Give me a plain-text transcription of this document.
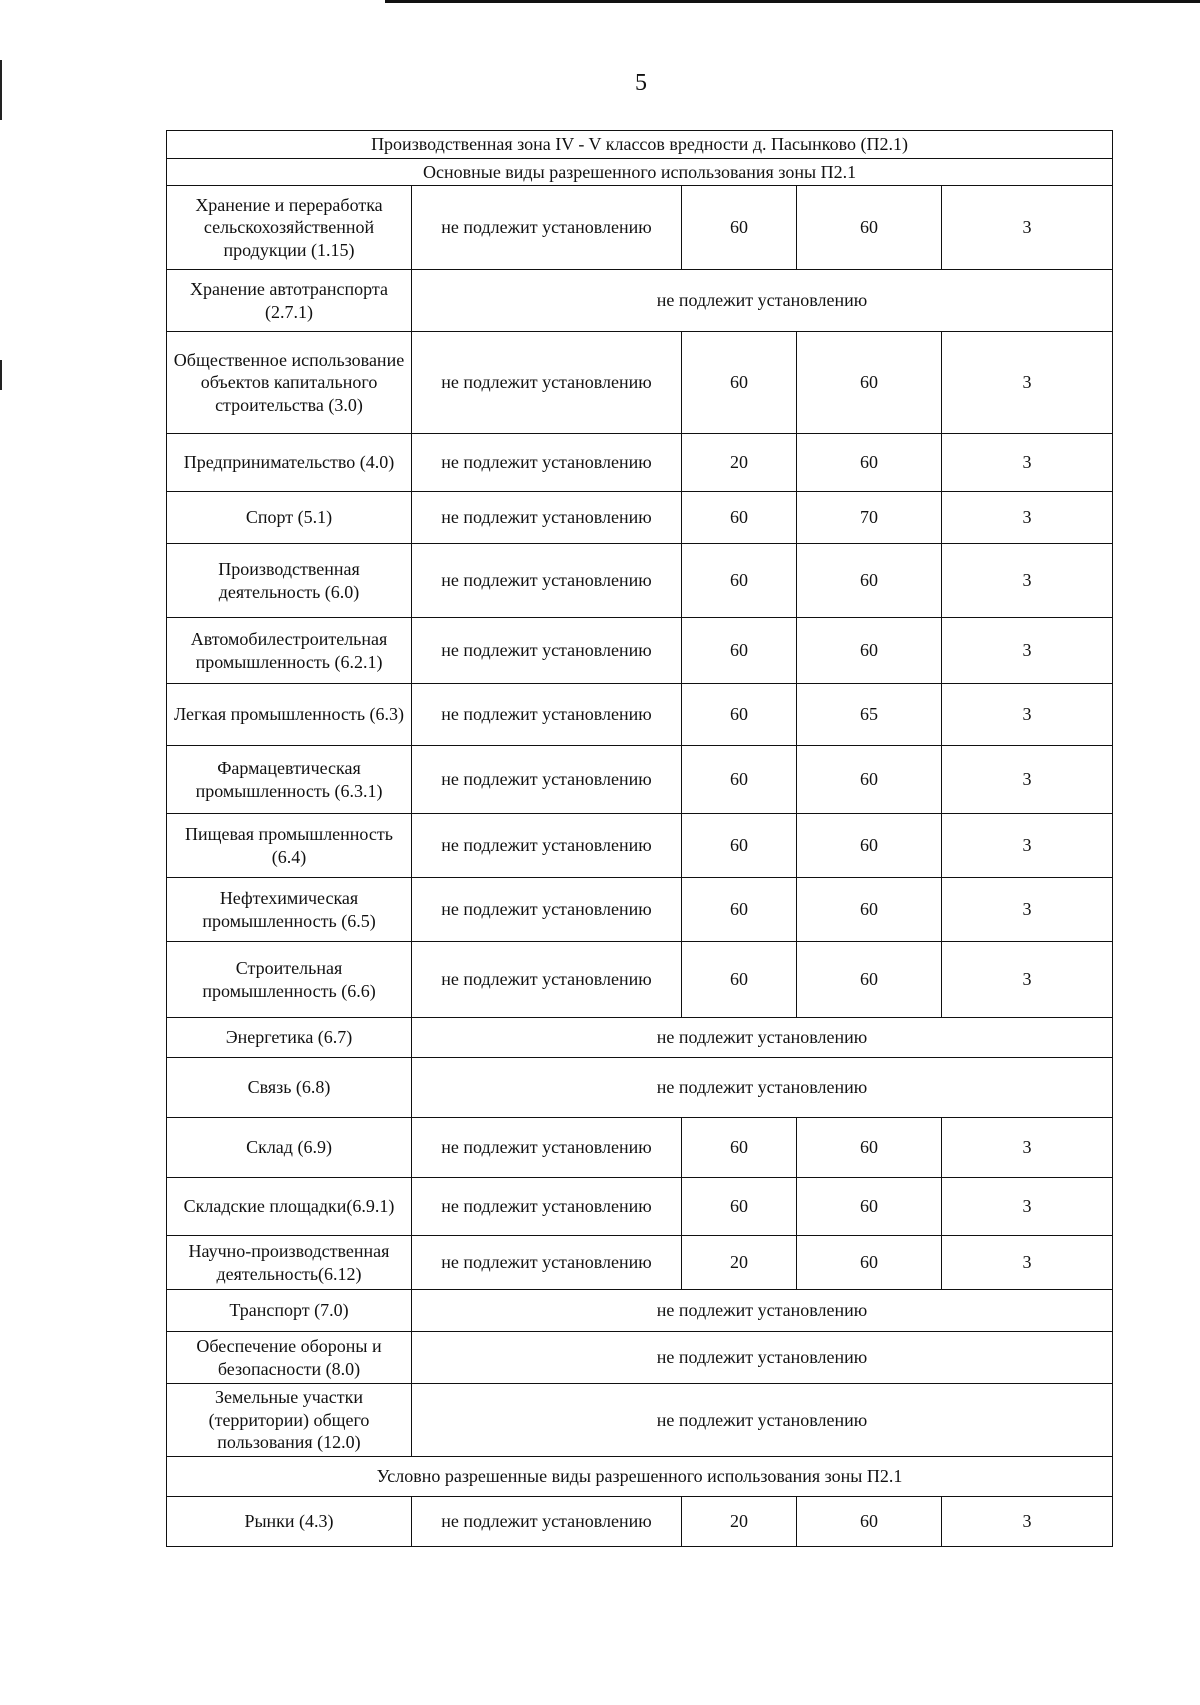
5
Производственная зона IV - V классов вредности д. Пасынково (П2.1)				
Основные виды разрешенного использования зоны П2.1				
Хранение и переработка сельскохозяйственной продукции (1.15)	не подлежит установлению	60	60	3
Хранение автотранспорта (2.7.1)	не подлежит установлению			
Общественное использование объектов капитального строительства (3.0)	не подлежит установлению	60	60	3
Предпринимательство (4.0)	не подлежит установлению	20	60	3
Спорт (5.1)	не подлежит установлению	60	70	3
Производственная деятельность (6.0)	не подлежит установлению	60	60	3
Автомобилестроительная промышленность (6.2.1)	не подлежит установлению	60	60	3
Легкая промышленность (6.3)	не подлежит установлению	60	65	3
Фармацевтическая промышленность (6.3.1)	не подлежит установлению	60	60	3
Пищевая промышленность (6.4)	не подлежит установлению	60	60	3
Нефтехимическая промышленность (6.5)	не подлежит установлению	60	60	3
Строительная промышленность (6.6)	не подлежит установлению	60	60	3
Энергетика (6.7)	не подлежит установлению			
Связь (6.8)	не подлежит установлению			
Склад (6.9)	не подлежит установлению	60	60	3
Складские площадки(6.9.1)	не подлежит установлению	60	60	3
Научно-производственная деятельность(6.12)	не подлежит установлению	20	60	3
Транспорт (7.0)	не подлежит установлению			
Обеспечение обороны и безопасности (8.0)	не подлежит установлению			
Земельные участки (территории) общего пользования (12.0)	не подлежит установлению			
Условно разрешенные виды разрешенного использования зоны П2.1				
Рынки (4.3)	не подлежит установлению	20	60	3
